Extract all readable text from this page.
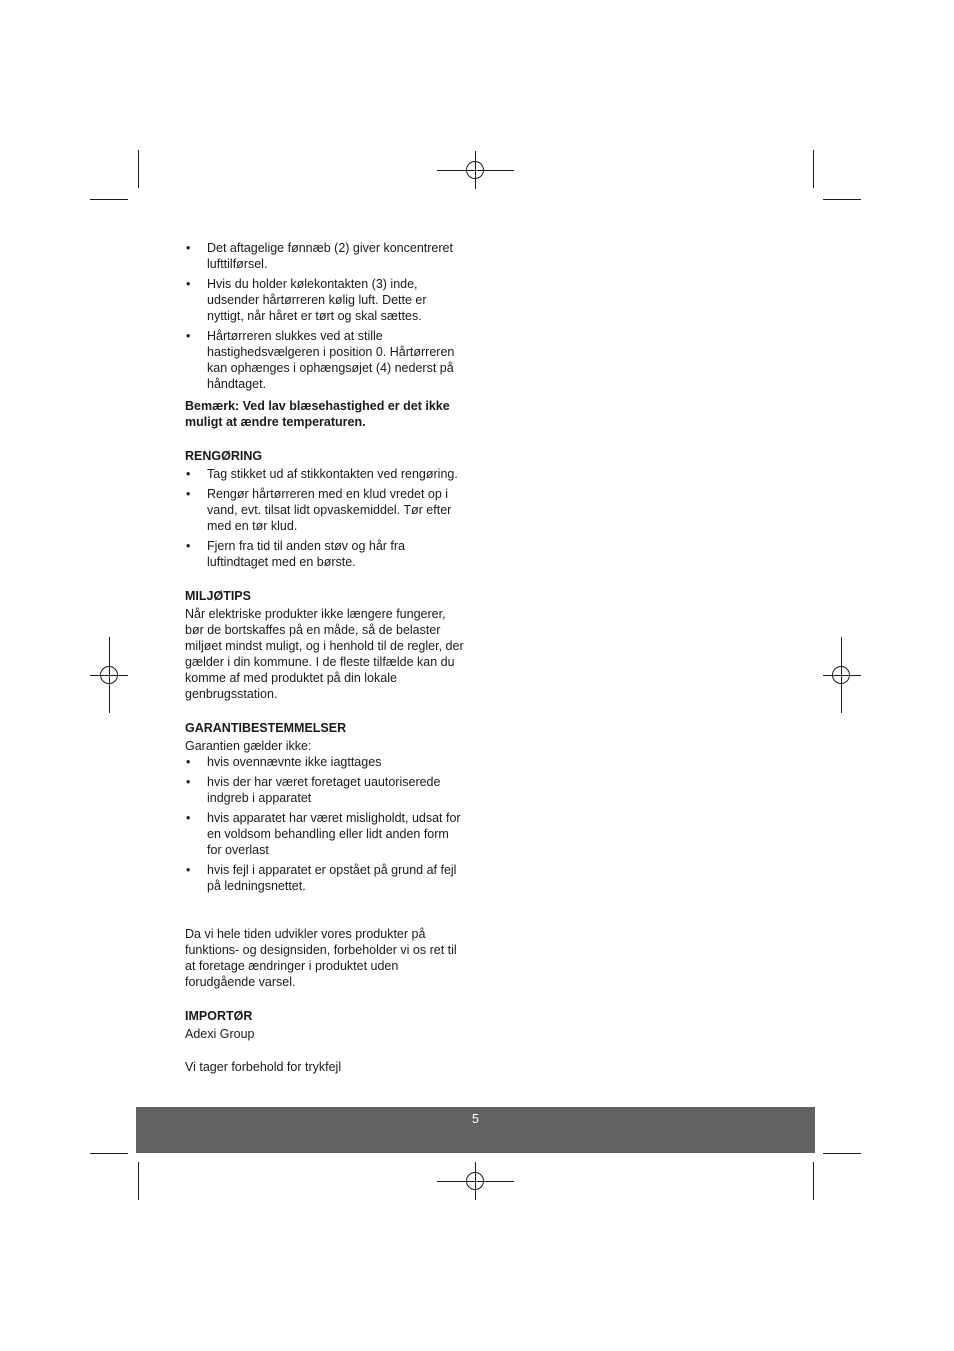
• Det aftagelige fønnæb (2) giver koncentreret lufttilførsel.
• Hvis du holder kølekontakten (3) inde, udsender hårtørreren kølig luft. Dette er nyttigt, når håret er tørt og skal sættes.
• Hårtørreren slukkes ved at stille hastighedsvælgeren i position 0. Hårtørreren kan ophænges i ophængsøjet (4) nederst på håndtaget.

Bemærk: Ved lav blæsehastighed er det ikke muligt at ændre temperaturen.

RENGØRING

• Tag stikket ud af stikkontakten ved rengøring.
• Rengør hårtørreren med en klud vredet op i vand, evt. tilsat lidt opvaskemiddel. Tør efter med en tør klud.
• Fjern fra tid til anden støv og hår fra luftindtaget med en børste.

MILJØTIPS

Når elektriske produkter ikke længere fungerer, bør de bortskaffes på en måde, så de belaster miljøet mindst muligt, og i henhold til de regler, der gælder i din kommune. I de fleste tilfælde kan du komme af med produktet på din lokale genbrugsstation.

GARANTIBESTEMMELSER

Garantien gælder ikke:

• hvis ovennævnte ikke iagttages
• hvis der har været foretaget uautoriserede indgreb i apparatet
• hvis apparatet har været misligholdt, udsat for en voldsom behandling eller lidt anden form for overlast
• hvis fejl i apparatet er opstået på grund af fejl på ledningsnettet.

Da vi hele tiden udvikler vores produkter på funktions- og designsiden, forbeholder vi os ret til at foretage ændringer i produktet uden forudgående varsel.

IMPORTØR

Adexi Group

Vi tager forbehold for trykfejl

5
